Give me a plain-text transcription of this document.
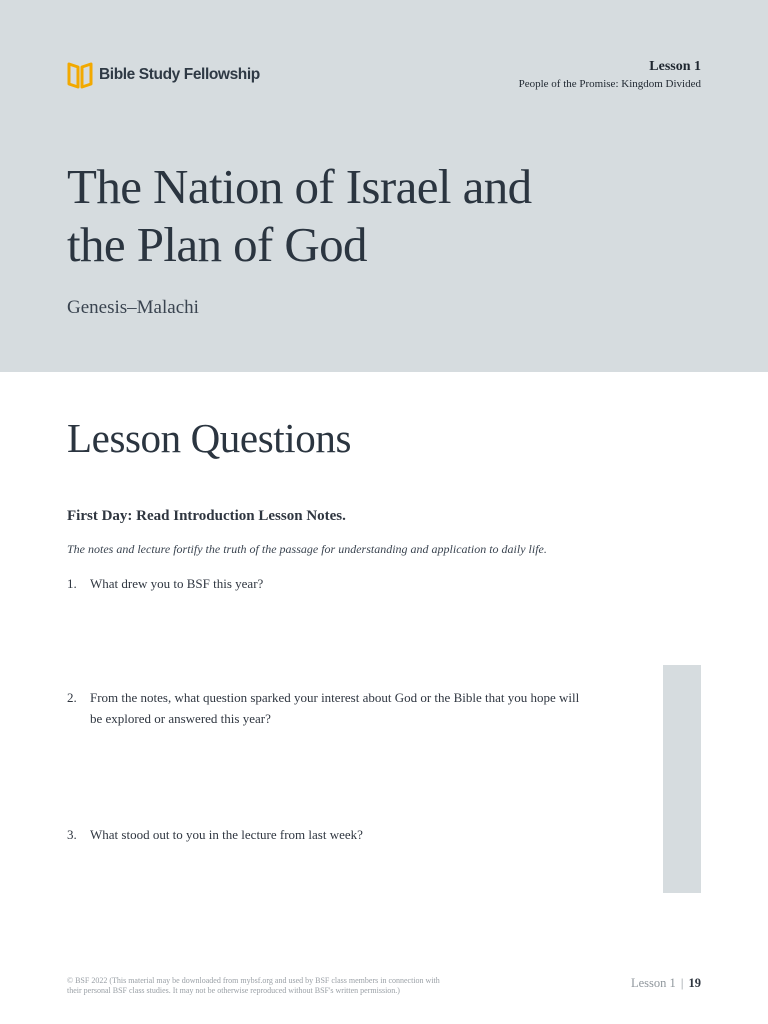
Bible Study Fellowship	Lesson 1
People of the Promise: Kingdom Divided
The Nation of Israel and
the Plan of God
Genesis–Malachi
Lesson Questions
First Day: Read Introduction Lesson Notes.
The notes and lecture fortify the truth of the passage for understanding and application to daily life.
1.	What drew you to BSF this year?
2.	From the notes, what question sparked your interest about God or the Bible that you hope will be explored or answered this year?
3.	What stood out to you in the lecture from last week?
© BSF 2022 (This material may be downloaded from mybsf.org and used by BSF class members in connection with their personal BSF class studies. It may not be otherwise reproduced without BSF's written permission.)
Lesson 1 | 19
